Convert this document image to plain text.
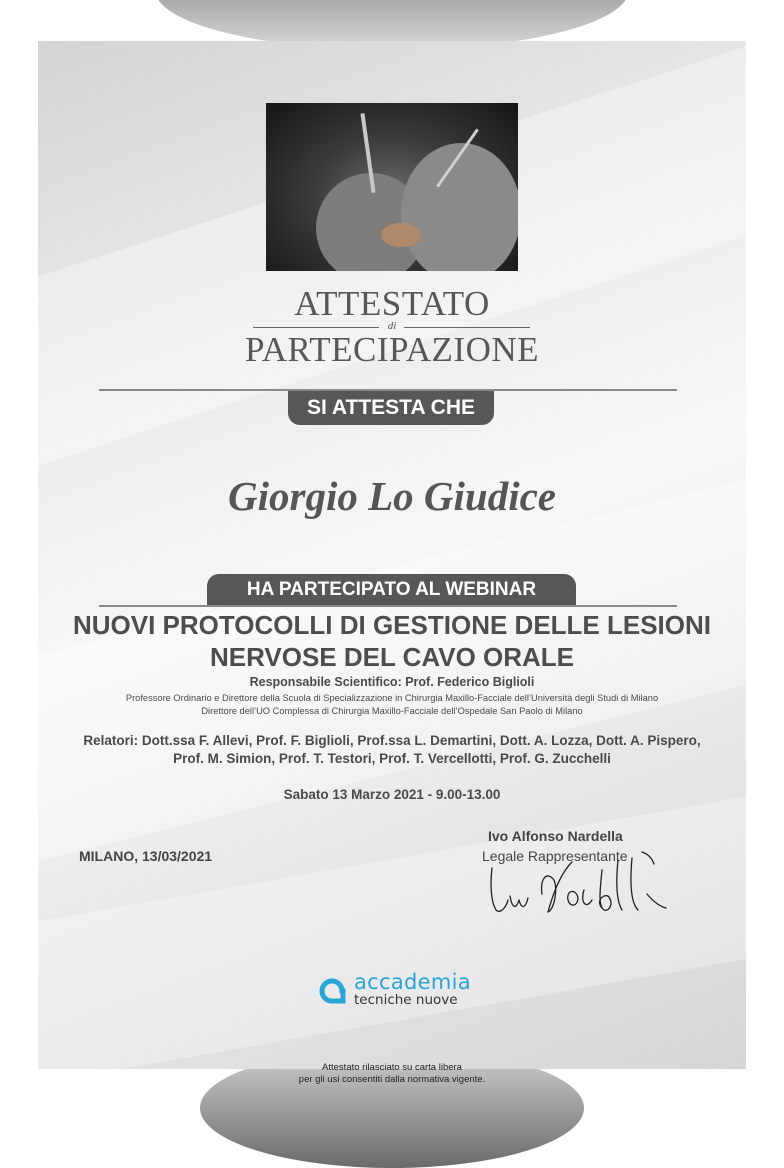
ATTESTATO
di
PARTECIPAZIONE
SI ATTESTA CHE
Giorgio Lo Giudice
HA PARTECIPATO AL WEBINAR
NUOVI PROTOCOLLI DI GESTIONE DELLE LESIONI
NERVOSE DEL CAVO ORALE
Responsabile Scientifico: Prof. Federico Biglioli
Professore Ordinario e Direttore della Scuola di Specializzazione in Chirurgia Maxillo-Facciale dell’Università degli Studi di Milano
Direttore dell’UO Complessa di Chirurgia Maxillo-Facciale dell’Ospedale San Paolo di Milano
Relatori: Dott.ssa F. Allevi, Prof. F. Biglioli, Prof.ssa L. Demartini, Dott. A. Lozza, Dott. A. Pispero,
Prof. M. Simion, Prof. T. Testori, Prof. T. Vercellotti, Prof. G. Zucchelli
Sabato 13 Marzo 2021 - 9.00-13.00
MILANO, 13/03/2021
Ivo Alfonso Nardella
Legale Rappresentante
accademia
tecniche nuove
Attestato rilasciato su carta libera
per gli usi consentiti dalla normativa vigente.
